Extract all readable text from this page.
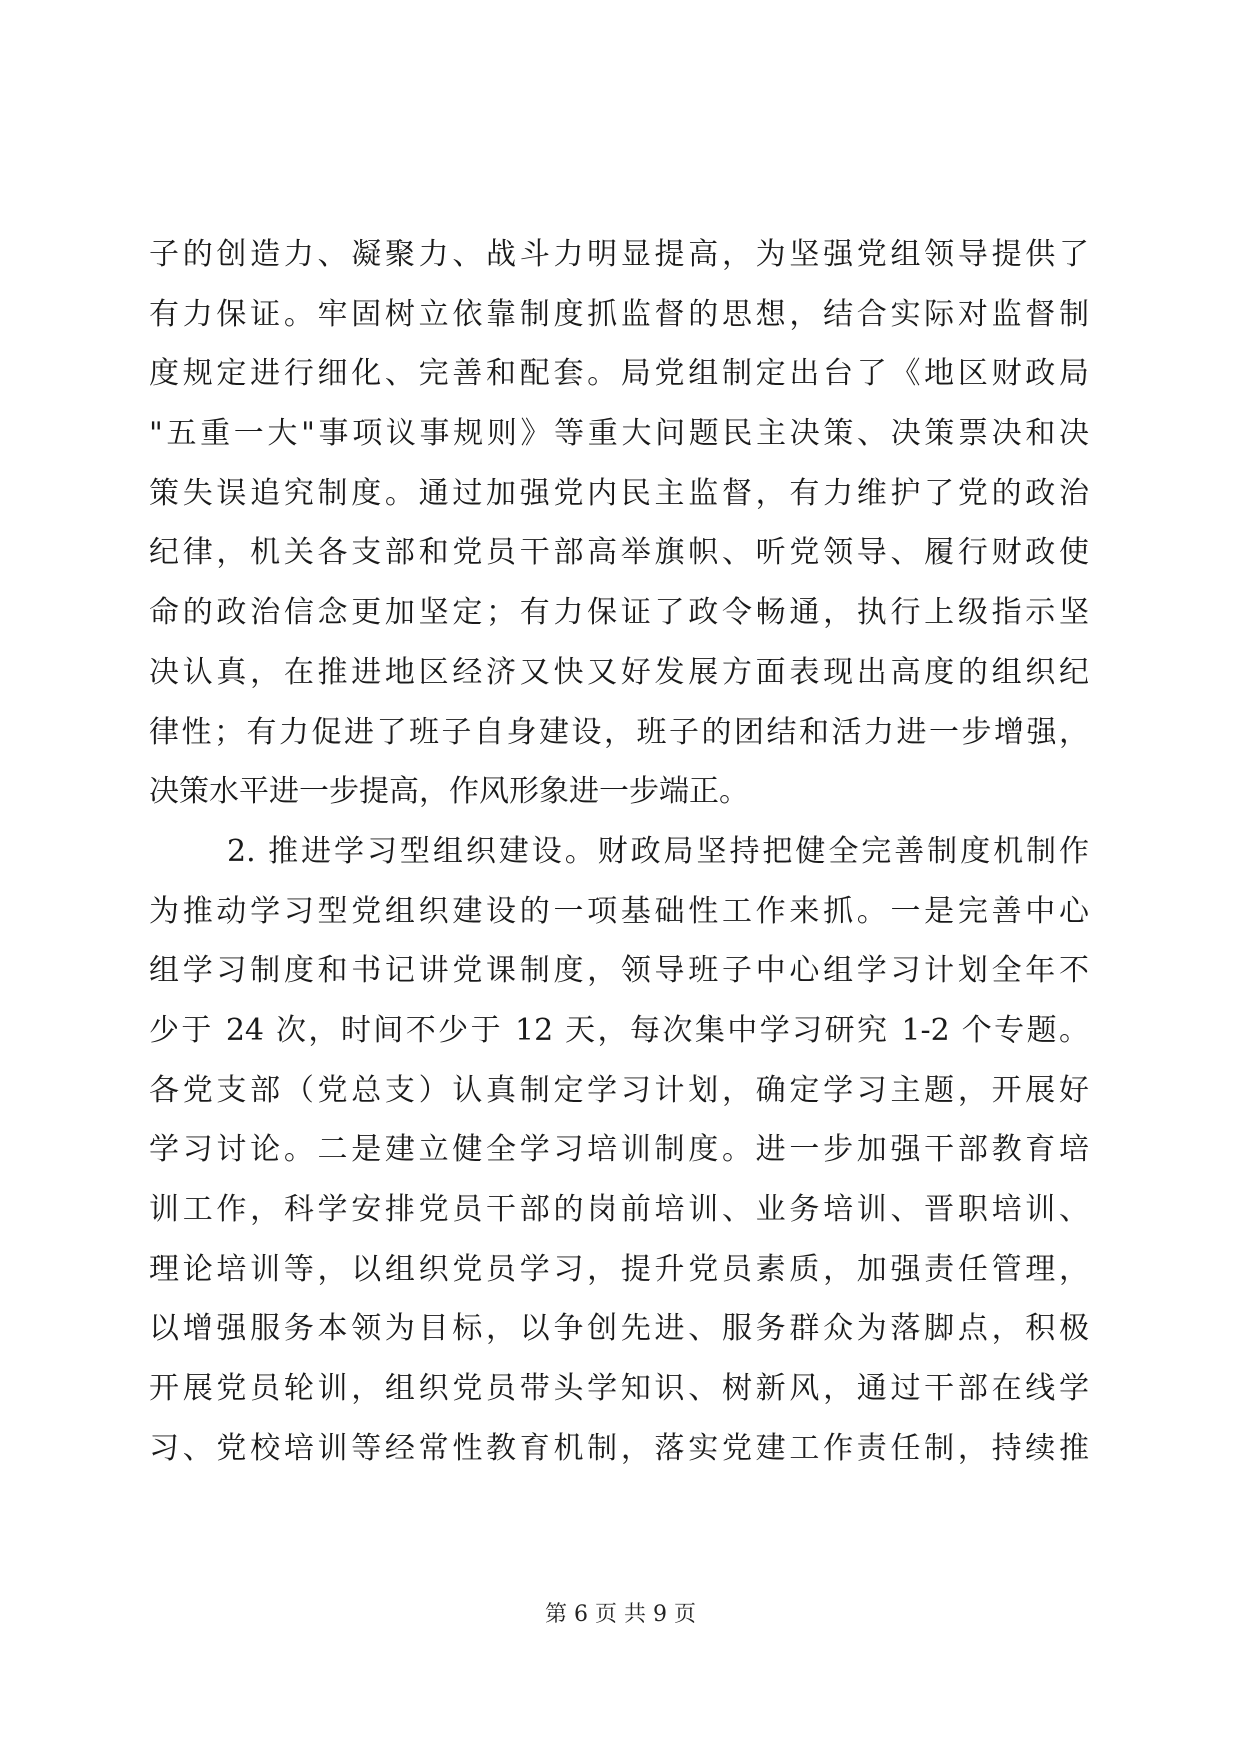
子的创造力、凝聚力、战斗力明显提高，为坚强党组领导提供了
有力保证。牢固树立依靠制度抓监督的思想，结合实际对监督制
度规定进行细化、完善和配套。局党组制定出台了《地区财政局
"五重一大"事项议事规则》等重大问题民主决策、决策票决和决
策失误追究制度。通过加强党内民主监督，有力维护了党的政治
纪律，机关各支部和党员干部高举旗帜、听党领导、履行财政使
命的政治信念更加坚定；有力保证了政令畅通，执行上级指示坚
决认真，在推进地区经济又快又好发展方面表现出高度的组织纪
律性；有力促进了班子自身建设，班子的团结和活力进一步增强，
决策水平进一步提高，作风形象进一步端正。
2. 推进学习型组织建设。财政局坚持把健全完善制度机制作
为推动学习型党组织建设的一项基础性工作来抓。一是完善中心
组学习制度和书记讲党课制度，领导班子中心组学习计划全年不
少于 24 次，时间不少于 12 天，每次集中学习研究 1-2 个专题。
各党支部（党总支）认真制定学习计划，确定学习主题，开展好
学习讨论。二是建立健全学习培训制度。进一步加强干部教育培
训工作，科学安排党员干部的岗前培训、业务培训、晋职培训、
理论培训等，以组织党员学习，提升党员素质，加强责任管理，
以增强服务本领为目标，以争创先进、服务群众为落脚点，积极
开展党员轮训，组织党员带头学知识、树新风，通过干部在线学
习、党校培训等经常性教育机制，落实党建工作责任制，持续推
第 6 页 共 9 页
